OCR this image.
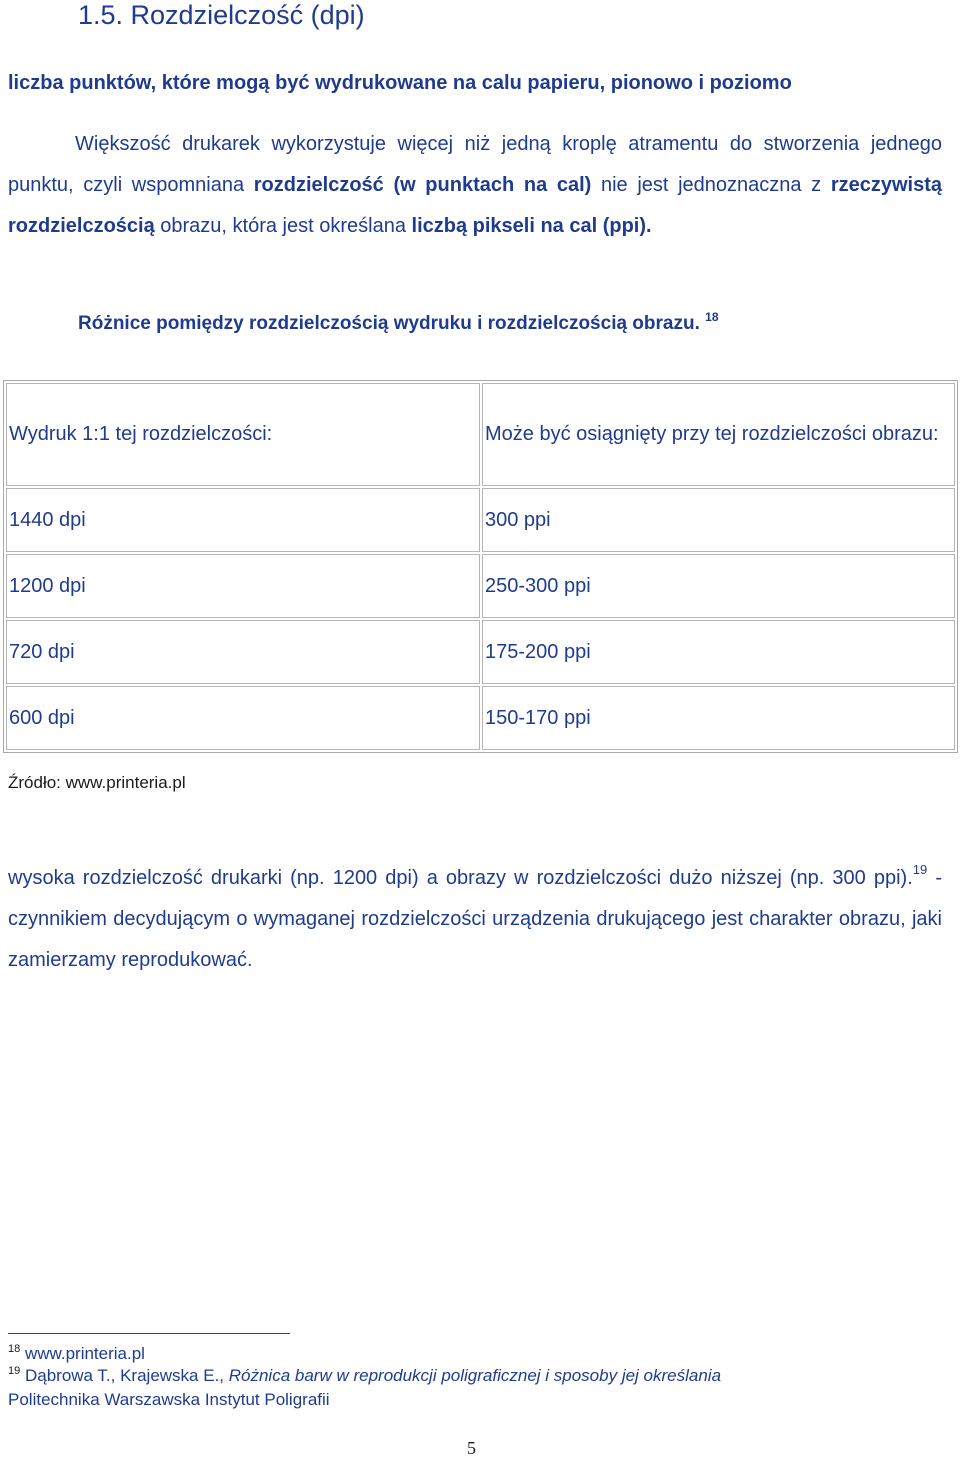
1.5. Rozdzielczość (dpi)
liczba punktów, które mogą być wydrukowane na calu papieru, pionowo i poziomo
Większość drukarek wykorzystuje więcej niż jedną kroplę atramentu do stworzenia jednego punktu, czyli wspomniana rozdzielczość (w punktach na cal) nie jest jednoznaczna z rzeczywistą rozdzielczością obrazu, która jest określana liczbą pikseli na cal (ppi).
Różnice pomiędzy rozdzielczością wydruku i rozdzielczością obrazu. $^{18}$
Wydruk 1:1 tej rozdzielczości:	Może być osiągnięty przy tej rozdzielczości obrazu:
1440 dpi	300 ppi
1200 dpi	250-300 ppi
720 dpi	175-200 ppi
600 dpi	150-170 ppi
Źródło: www.printeria.pl
wysoka rozdzielczość drukarki (np. 1200 dpi) a obrazy w rozdzielczości dużo niższej (np. 300 ppi).$^{19}$ - czynnikiem decydującym o wymaganej rozdzielczości urządzenia drukującego jest charakter obrazu, jaki zamierzamy reprodukować.
$^{18}$ www.printeria.pl
$^{19}$ Dąbrowa T., Krajewska E., Różnica barw w reprodukcji poligraficznej i sposoby jej określania
Politechnika Warszawska Instytut Poligrafii
5
